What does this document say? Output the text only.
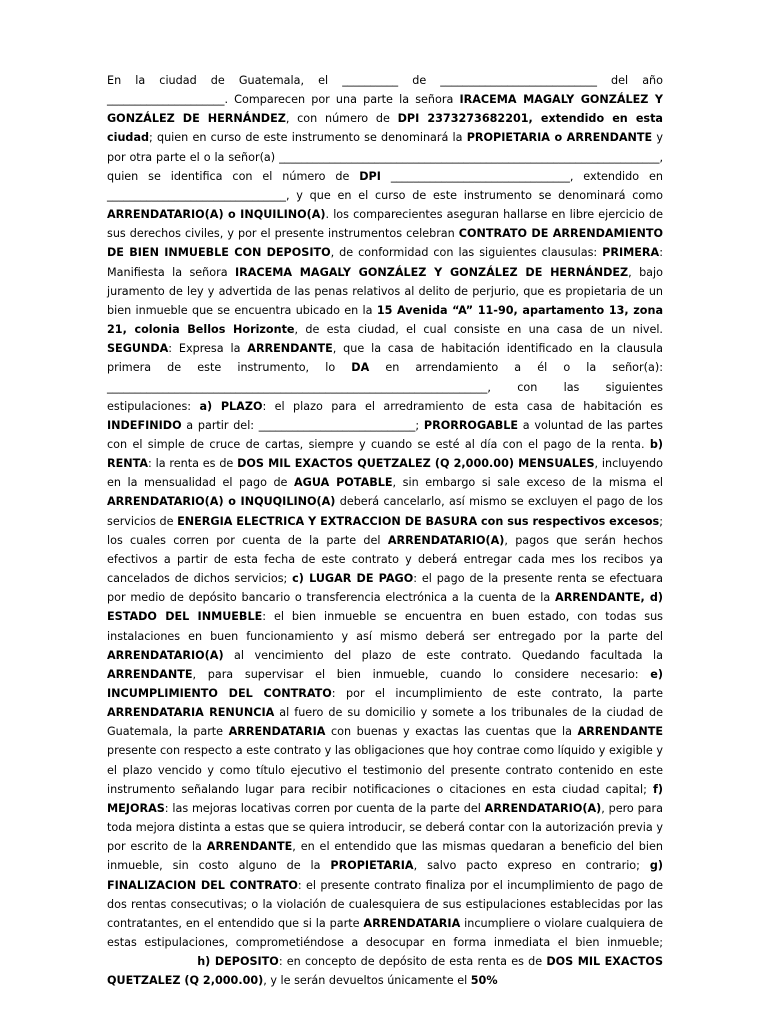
En la ciudad de Guatemala, el __________ de ____________________________ del año _____________________. Comparecen por una parte la señora IRACEMA MAGALY GONZÁLEZ Y GONZÁLEZ DE HERNÁNDEZ, con número de DPI 2373273682201, extendido en esta ciudad; quien en curso de este instrumento se denominará la PROPIETARIA o ARRENDANTE y por otra parte el o la señor(a) ____________________________________________________________________, quien se identifica con el número de DPI ________________________________, extendido en ________________________________, y que en el curso de este instrumento se denominará como ARRENDATARIO(A) o INQUILINO(A). los comparecientes aseguran hallarse en libre ejercicio de sus derechos civiles, y por el presente instrumentos celebran CONTRATO DE ARRENDAMIENTO DE BIEN INMUEBLE CON DEPOSITO, de conformidad con las siguientes clausulas: PRIMERA: Manifiesta la señora IRACEMA MAGALY GONZÁLEZ Y GONZÁLEZ DE HERNÁNDEZ, bajo juramento de ley y advertida de las penas relativos al delito de perjurio, que es propietaria de un bien inmueble que se encuentra ubicado en la 15 Avenida “A” 11-90, apartamento 13, zona 21, colonia Bellos Horizonte, de esta ciudad, el cual consiste en una casa de un nivel. SEGUNDA: Expresa la ARRENDANTE, que la casa de habitación identificado en la clausula primera de este instrumento, lo DA en arrendamiento a él o la señor(a): ____________________________________________________________________, con las siguientes estipulaciones: a) PLAZO: el plazo para el arredramiento de esta casa de habitación es INDEFINIDO a partir del: ____________________________; PRORROGABLE a voluntad de las partes con el simple de cruce de cartas, siempre y cuando se esté al día con el pago de la renta. b) RENTA: la renta es de DOS MIL EXACTOS QUETZALEZ (Q 2,000.00) MENSUALES, incluyendo en la mensualidad el pago de AGUA POTABLE, sin embargo si sale exceso de la misma el ARRENDATARIO(A) o INQUQILINO(A) deberá cancelarlo, así mismo se excluyen el pago de los servicios de ENERGIA ELECTRICA Y EXTRACCION DE BASURA con sus respectivos excesos; los cuales corren por cuenta de la parte del ARRENDATARIO(A), pagos que serán hechos efectivos a partir de esta fecha de este contrato y deberá entregar cada mes los recibos ya cancelados de dichos servicios; c) LUGAR DE PAGO: el pago de la presente renta se efectuara por medio de depósito bancario o transferencia electrónica a la cuenta de la ARRENDANTE, d) ESTADO DEL INMUEBLE: el bien inmueble se encuentra en buen estado, con todas sus instalaciones en buen funcionamiento y así mismo deberá ser entregado por la parte del ARRENDATARIO(A) al vencimiento del plazo de este contrato. Quedando facultada la ARRENDANTE, para supervisar el bien inmueble, cuando lo considere necesario: e) INCUMPLIMIENTO DEL CONTRATO: por el incumplimiento de este contrato, la parte ARRENDATARIA RENUNCIA al fuero de su domicilio y somete a los tribunales de la ciudad de Guatemala, la parte ARRENDATARIA con buenas y exactas las cuentas que la ARRENDANTE presente con respecto a este contrato y las obligaciones que hoy contrae como líquido y exigible y el plazo vencido y como título ejecutivo el testimonio del presente contrato contenido en este instrumento señalando lugar para recibir notificaciones o citaciones en esta ciudad capital; f) MEJORAS: las mejoras locativas corren por cuenta de la parte del ARRENDATARIO(A), pero para toda mejora distinta a estas que se quiera introducir, se deberá contar con la autorización previa y por escrito de la ARRENDANTE, en el entendido que las mismas quedaran a beneficio del bien inmueble, sin costo alguno de la PROPIETARIA, salvo pacto expreso en contrario; g) FINALIZACION DEL CONTRATO: el presente contrato finaliza por el incumplimiento de pago de dos rentas consecutivas; o la violación de cualesquiera de sus estipulaciones establecidas por las contratantes, en el entendido que si la parte ARRENDATARIA incumpliere o violare cualquiera de estas estipulaciones, comprometiéndose a desocupar en forma inmediata el bien inmueble; h) DEPOSITO: en concepto de depósito de esta renta es de DOS MIL EXACTOS QUETZALEZ (Q 2,000.00), y le serán devueltos únicamente el 50%
